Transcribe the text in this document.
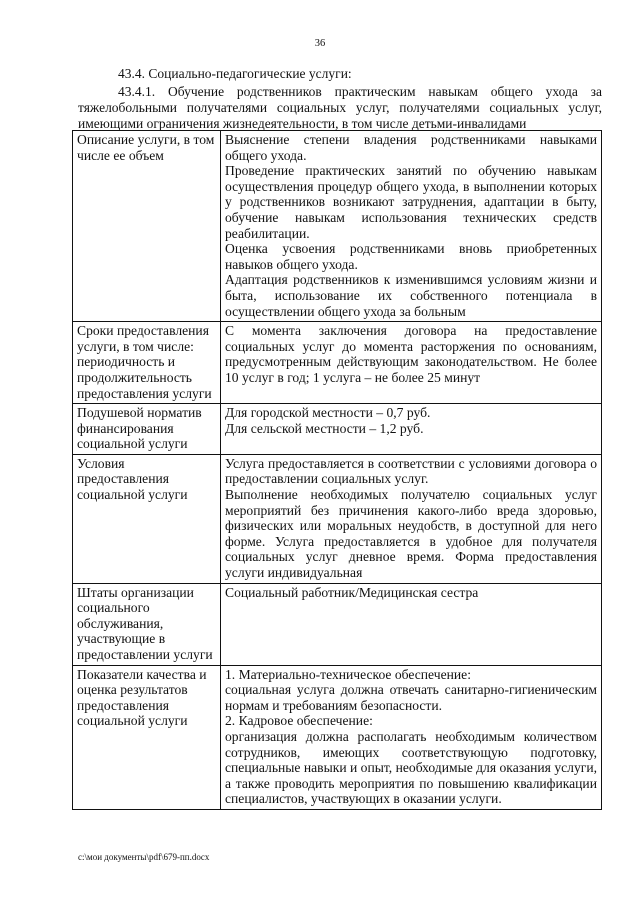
36
43.4. Социально-педагогические услуги:
43.4.1. Обучение родственников практическим навыкам общего ухода за тяжелобольными получателями социальных услуг, получателями социальных услуг, имеющими ограничения жизнедеятельности, в том числе детьми-инвалидами
Описание услуги, в том числе ее объем	Выяснение степени владения родственниками навыками общего ухода.
Проведение практических занятий по обучению навыкам осуществления процедур общего ухода, в выполнении которых у родственников возникают затруднения, адаптации в быту, обучение навыкам использования технических средств реабилитации.
Оценка усвоения родственниками вновь приобретенных навыков общего ухода.
Адаптация родственников к изменившимся условиям жизни и быта, использование их собственного потенциала в осуществлении общего ухода за больным

Сроки предоставления услуги, в том числе: периодичность и продолжительность предоставления услуги	С момента заключения договора на предоставление социальных услуг до момента расторжения по основаниям, предусмотренным действующим законодательством. Не более 10 услуг в год; 1 услуга – не более 25 минут

Подушевой норматив финансирования социальной услуги	Для городской местности – 0,7 руб.
Для сельской местности – 1,2 руб.

Условия предоставления социальной услуги	Услуга предоставляется в соответствии с условиями договора о предоставлении социальных услуг.
Выполнение необходимых получателю социальных услуг мероприятий без причинения какого-либо вреда здоровью, физических или моральных неудобств, в доступной для него форме. Услуга предоставляется в удобное для получателя социальных услуг дневное время. Форма предоставления услуги индивидуальная

Штаты организации социального обслуживания, участвующие в предоставлении услуги	Социальный работник/Медицинская сестра

Показатели качества и оценка результатов предоставления социальной услуги	1. Материально-техническое обеспечение:
социальная услуга должна отвечать санитарно-гигиеническим нормам и требованиям безопасности.
2. Кадровое обеспечение:
организация должна располагать необходимым количеством сотрудников, имеющих соответствующую подготовку, специальные навыки и опыт, необходимые для оказания услуги, а также проводить мероприятия по повышению квалификации специалистов, участвующих в оказании услуги.
c:\мои документы\pdf\679-пп.docx
